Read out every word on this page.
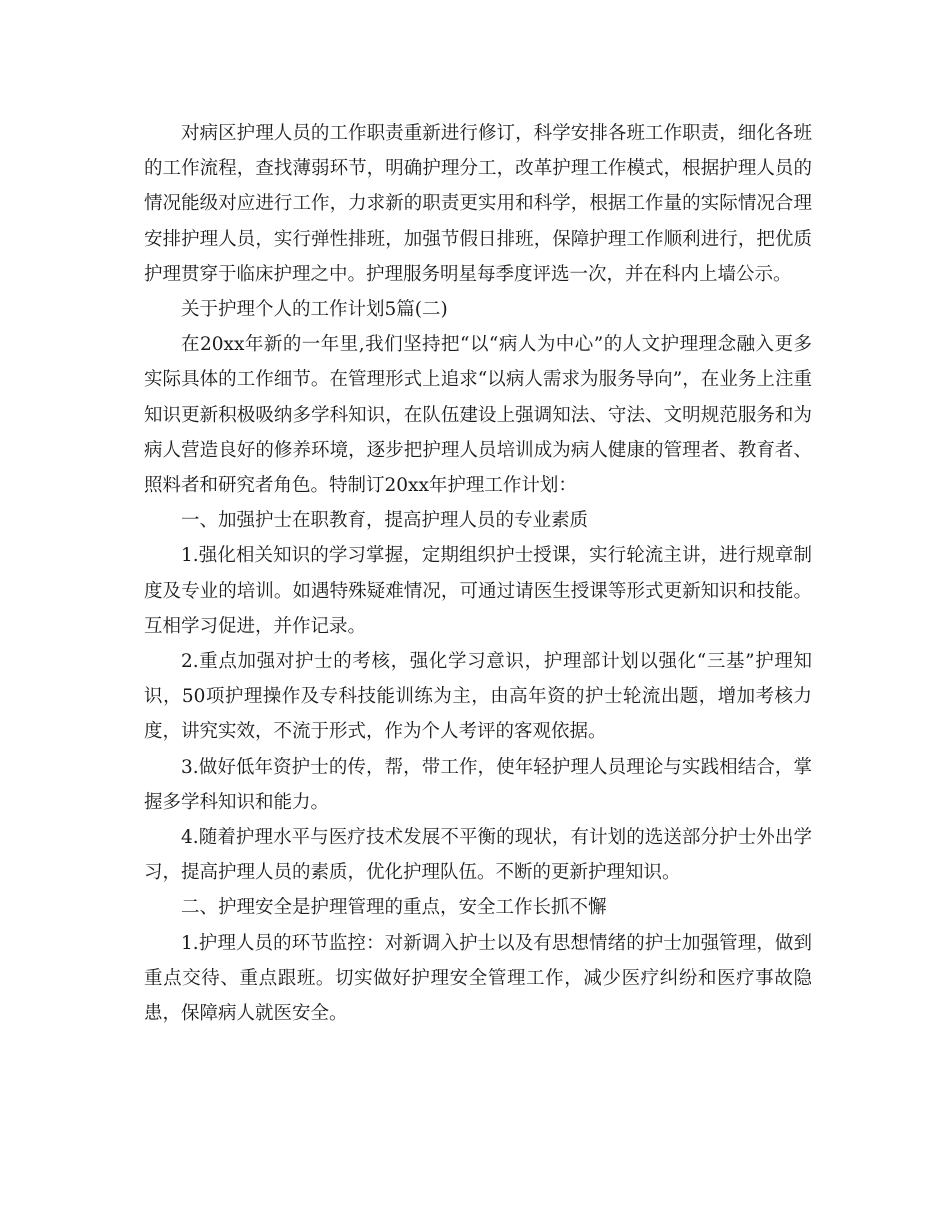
对病区护理人员的工作职责重新进行修订，科学安排各班工作职责，细化各班的工作流程，查找薄弱环节，明确护理分工，改革护理工作模式，根据护理人员的情况能级对应进行工作，力求新的职责更实用和科学，根据工作量的实际情况合理安排护理人员，实行弹性排班，加强节假日排班，保障护理工作顺利进行，把优质护理贯穿于临床护理之中。护理服务明星每季度评选一次，并在科内上墙公示。

关于护理个人的工作计划5篇(二)

在20xx年新的一年里,我们坚持把“以“病人为中心”的人文护理理念融入更多实际具体的工作细节。在管理形式上追求“以病人需求为服务导向”，在业务上注重知识更新积极吸纳多学科知识，在队伍建设上强调知法、守法、文明规范服务和为病人营造良好的修养环境，逐步把护理人员培训成为病人健康的管理者、教育者、照料者和研究者角色。特制订20xx年护理工作计划：

一、加强护士在职教育，提高护理人员的专业素质

1.强化相关知识的学习掌握，定期组织护士授课，实行轮流主讲，进行规章制度及专业的培训。如遇特殊疑难情况，可通过请医生授课等形式更新知识和技能。互相学习促进，并作记录。

2.重点加强对护士的考核，强化学习意识，护理部计划以强化“三基”护理知识，50项护理操作及专科技能训练为主，由高年资的护士轮流出题，增加考核力度，讲究实效，不流于形式，作为个人考评的客观依据。

3.做好低年资护士的传，帮，带工作，使年轻护理人员理论与实践相结合，掌握多学科知识和能力。

4.随着护理水平与医疗技术发展不平衡的现状，有计划的选送部分护士外出学习，提高护理人员的素质，优化护理队伍。不断的更新护理知识。

二、护理安全是护理管理的重点，安全工作长抓不懈

1.护理人员的环节监控：对新调入护士以及有思想情绪的护士加强管理，做到重点交待、重点跟班。切实做好护理安全管理工作，减少医疗纠纷和医疗事故隐患，保障病人就医安全。
